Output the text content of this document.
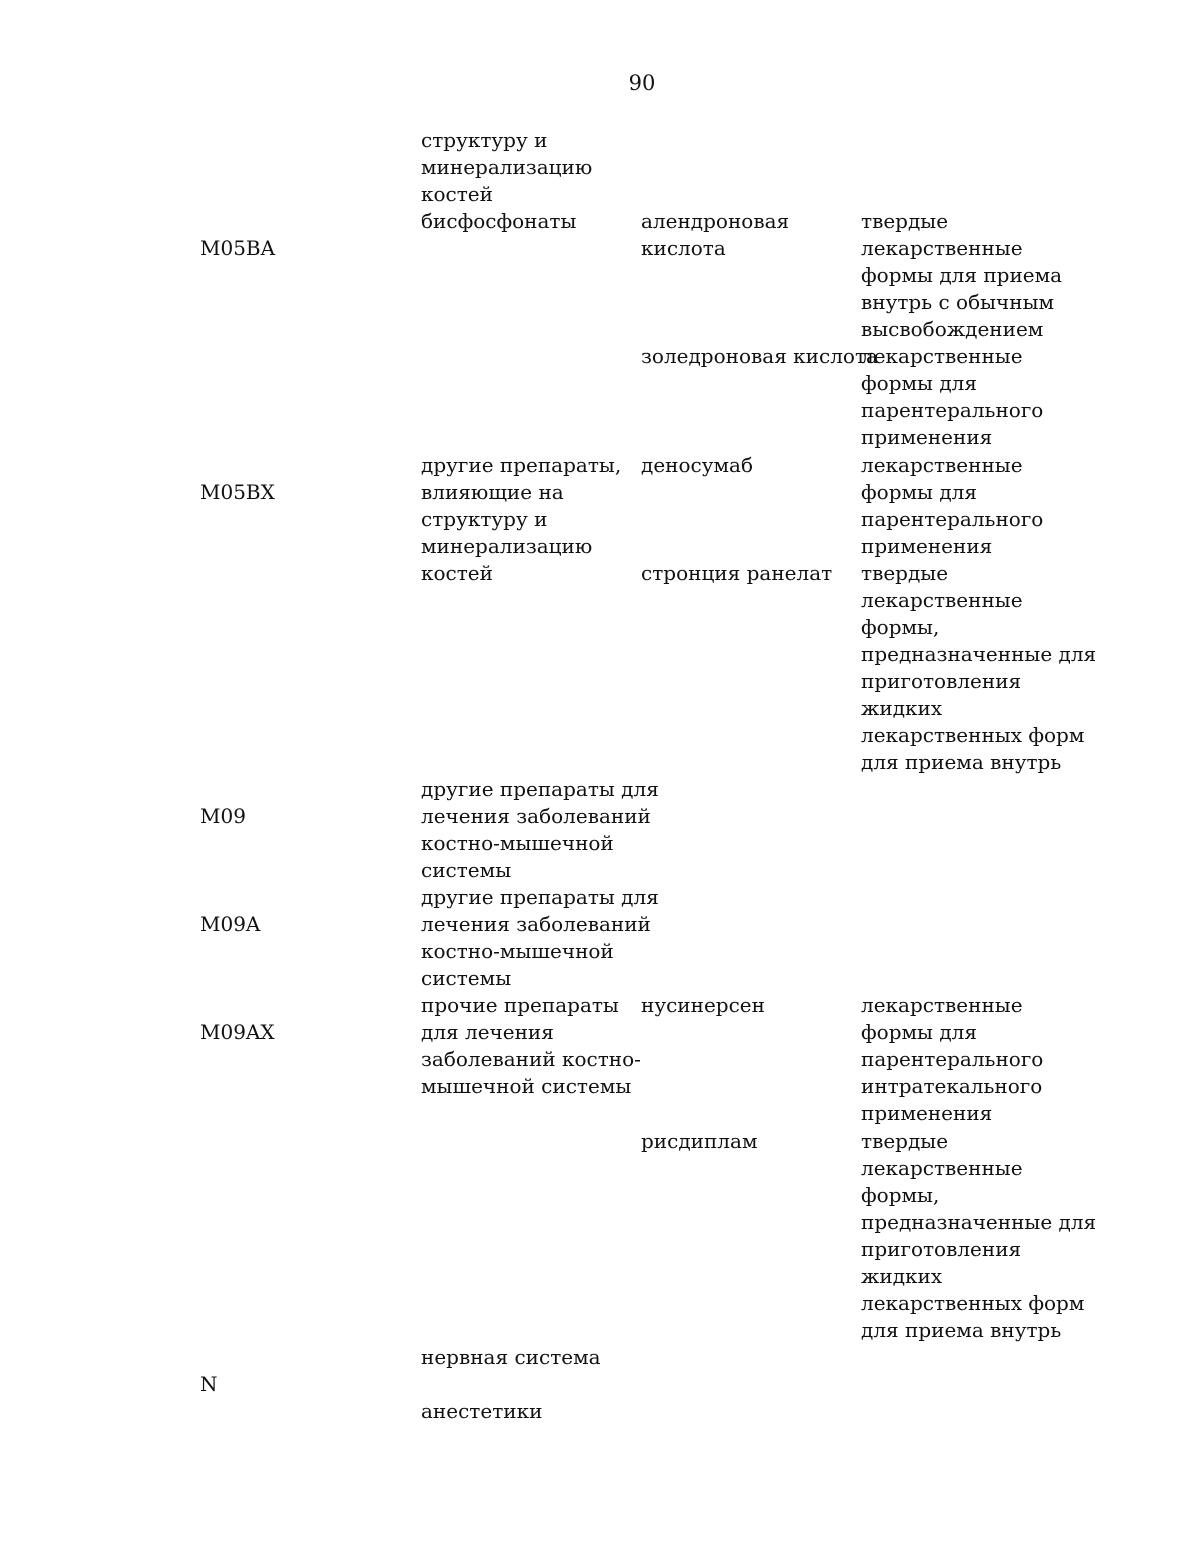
90
M05BA
M05BX
M09
M09A
M09AX
N
структуру и
минерализацию
костей
бисфосфонаты
другие препараты,
влияющие на
структуру и
минерализацию
костей
другие препараты для
лечения заболеваний
костно-мышечной
системы
другие препараты для
лечения заболеваний
костно-мышечной
системы
прочие препараты
для лечения
заболеваний костно-
мышечной системы
нервная система
анестетики
алендроновая
кислота
золедроновая кислота
деносумаб
стронция ранелат
нусинерсен
рисдиплам
твердые
лекарственные
формы для приема
внутрь с обычным
высвобождением
лекарственные
формы для
парентерального
применения
лекарственные
формы для
парентерального
применения
твердые
лекарственные
формы,
предназначенные для
приготовления
жидких
лекарственных форм
для приема внутрь
лекарственные
формы для
парентерального
интратекального
применения
твердые
лекарственные
формы,
предназначенные для
приготовления
жидких
лекарственных форм
для приема внутрь
